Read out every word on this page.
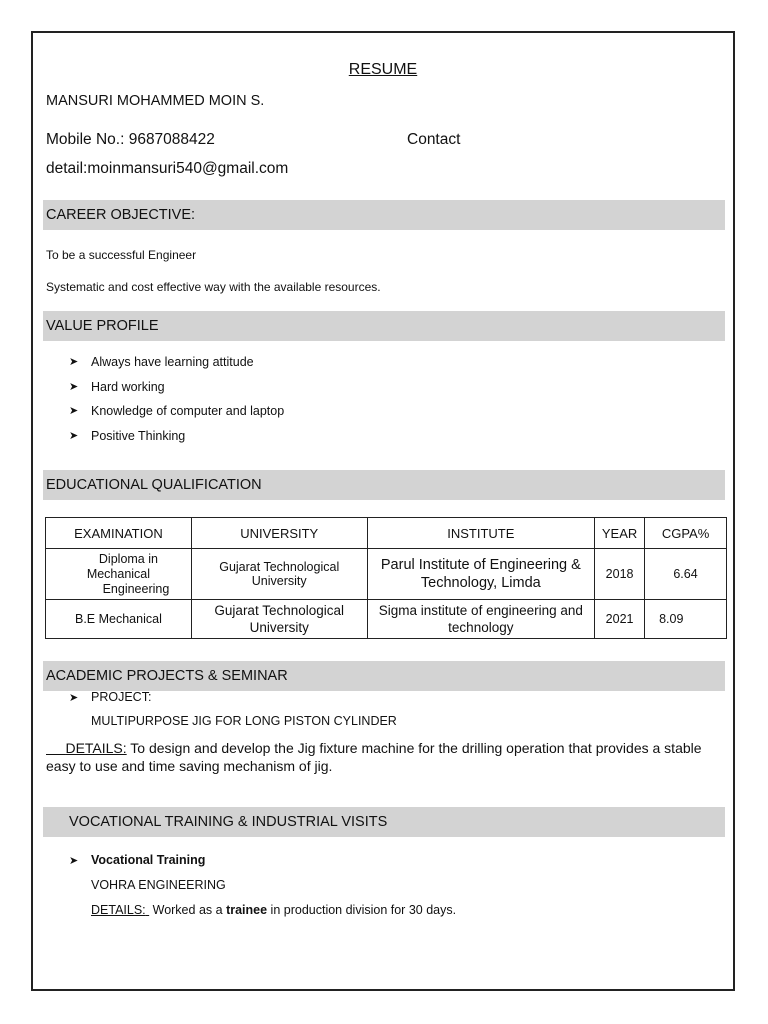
RESUME
MANSURI MOHAMMED MOIN S.
Mobile No.: 9687088422	Contact
detail:moinmansuri540@gmail.com
CAREER OBJECTIVE:
To be a successful Engineer
Systematic and cost effective way with the available resources.
VALUE PROFILE
➤	Always have learning attitude
➤	Hard working
➤	Knowledge of computer and laptop
➤	Positive Thinking
EDUCATIONAL QUALIFICATION
EXAMINATION	UNIVERSITY	INSTITUTE	YEAR	CGPA%

Diploma in
Mechanical
Engineering	Gujarat Technological University	Parul Institute of Engineering & Technology, Limda	2018	6.64
B.E Mechanical	Gujarat Technological University	Sigma institute of engineering and technology	2021	8.09
ACADEMIC PROJECTS & SEMINAR
➤ PROJECT:
MULTIPURPOSE JIG FOR LONG PISTON CYLINDER
DETAILS: To design and develop the Jig fixture machine for the drilling operation that provides a stable easy to use and time saving mechanism of jig.
VOCATIONAL TRAINING & INDUSTRIAL VISITS
➤ Vocational Training
VOHRA ENGINEERING
DETAILS: Worked as a trainee in production division for 30 days.
